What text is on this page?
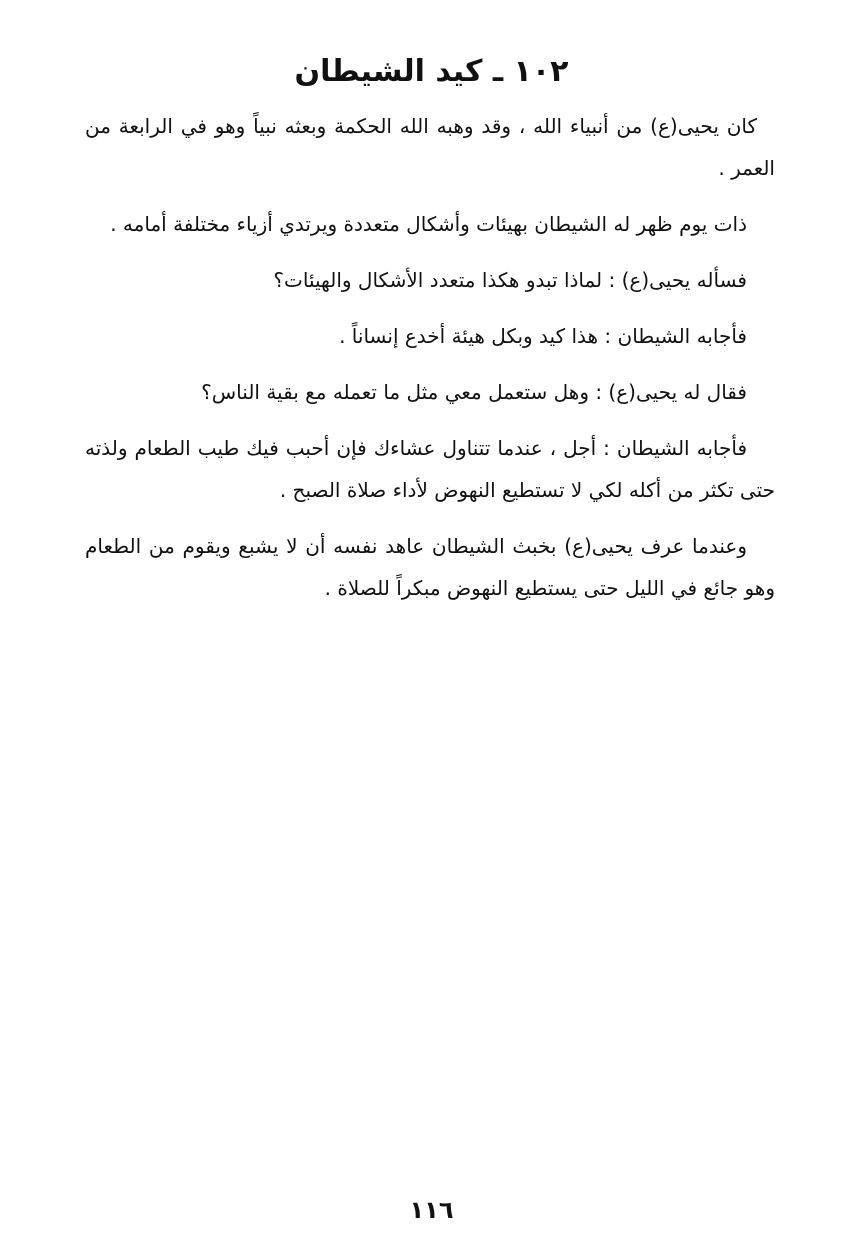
١٠٢ ـ كيد الشيطان

كان يحيى(ع) من أنبياء الله ، وقد وهبه الله الحكمة وبعثه نبياً وهو في الرابعة من العمر .

ذات يوم ظهر له الشيطان بهيئات وأشكال متعددة ويرتدي أزياء مختلفة أمامه .

فسأله يحيى(ع) : لماذا تبدو هكذا متعدد الأشكال والهيئات؟

فأجابه الشيطان : هذا كيد وبكل هيئة أخدع إنساناً .

فقال له يحيى(ع) : وهل ستعمل معي مثل ما تعمله مع بقية الناس؟

فأجابه الشيطان : أجل ، عندما تتناول عشاءك فإن أحبب فيك طيب الطعام ولذته حتى تكثر من أكله لكي لا تستطيع النهوض لأداء صلاة الصبح .

وعندما عرف يحيى(ع) بخبث الشيطان عاهد نفسه أن لا يشبع ويقوم من الطعام وهو جائع في الليل حتى يستطيع النهوض مبكراً للصلاة .

١١٦
